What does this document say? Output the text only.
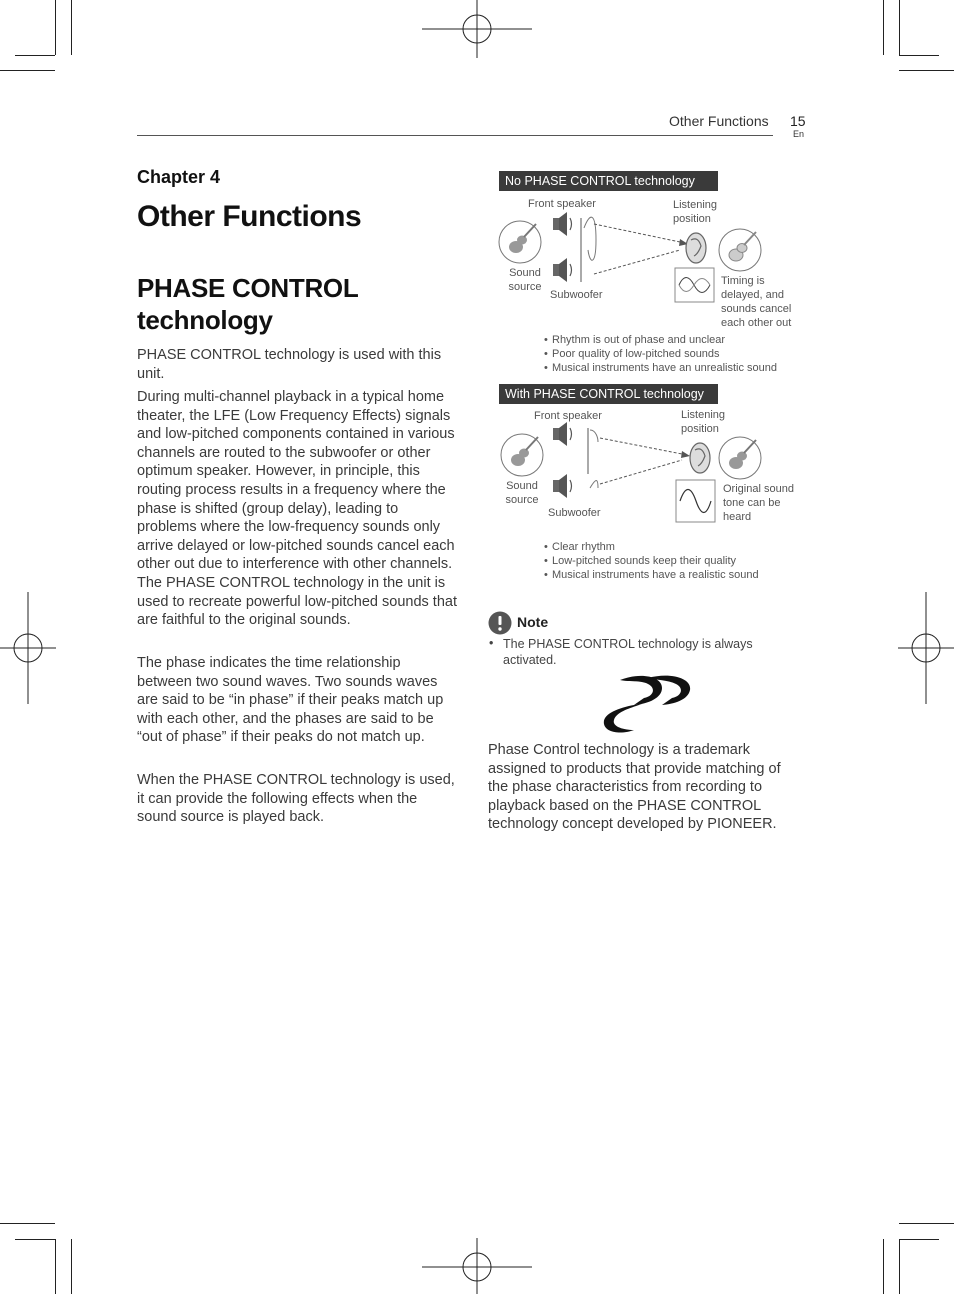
Other Functions 15
En
Chapter 4
Other Functions
PHASE CONTROL technology
PHASE CONTROL technology is used with this unit.
During multi-channel playback in a typical home theater, the LFE (Low Frequency Effects) signals and low-pitched components contained in various channels are routed to the subwoofer or other optimum speaker. However, in principle, this routing process results in a frequency where the phase is shifted (group delay), leading to problems where the low-frequency sounds only arrive delayed or low-pitched sounds cancel each other out due to interference with other channels. The PHASE CONTROL technology in the unit is used to recreate powerful low-pitched sounds that are faithful to the original sounds.
The phase indicates the time relationship between two sound waves. Two sounds waves are said to be “in phase” if their peaks match up with each other, and the phases are said to be “out of phase” if their peaks do not match up.
When the PHASE CONTROL technology is used, it can provide the following effects when the sound source is played back.
No PHASE CONTROL technology
Front speaker	Listening position
Sound source
Subwoofer
Timing is delayed, and sounds cancel each other out
• Rhythm is out of phase and unclear
• Poor quality of low-pitched sounds
• Musical instruments have an unrealistic sound
With PHASE CONTROL technology
Front speaker	Listening position
Sound source
Subwoofer
Original sound tone can be heard
• Clear rhythm
• Low-pitched sounds keep their quality
• Musical instruments have a realistic sound
Note
• The PHASE CONTROL technology is always activated.
Phase Control technology is a trademark assigned to products that provide matching of the phase characteristics from recording to playback based on the PHASE CONTROL technology concept developed by PIONEER.
